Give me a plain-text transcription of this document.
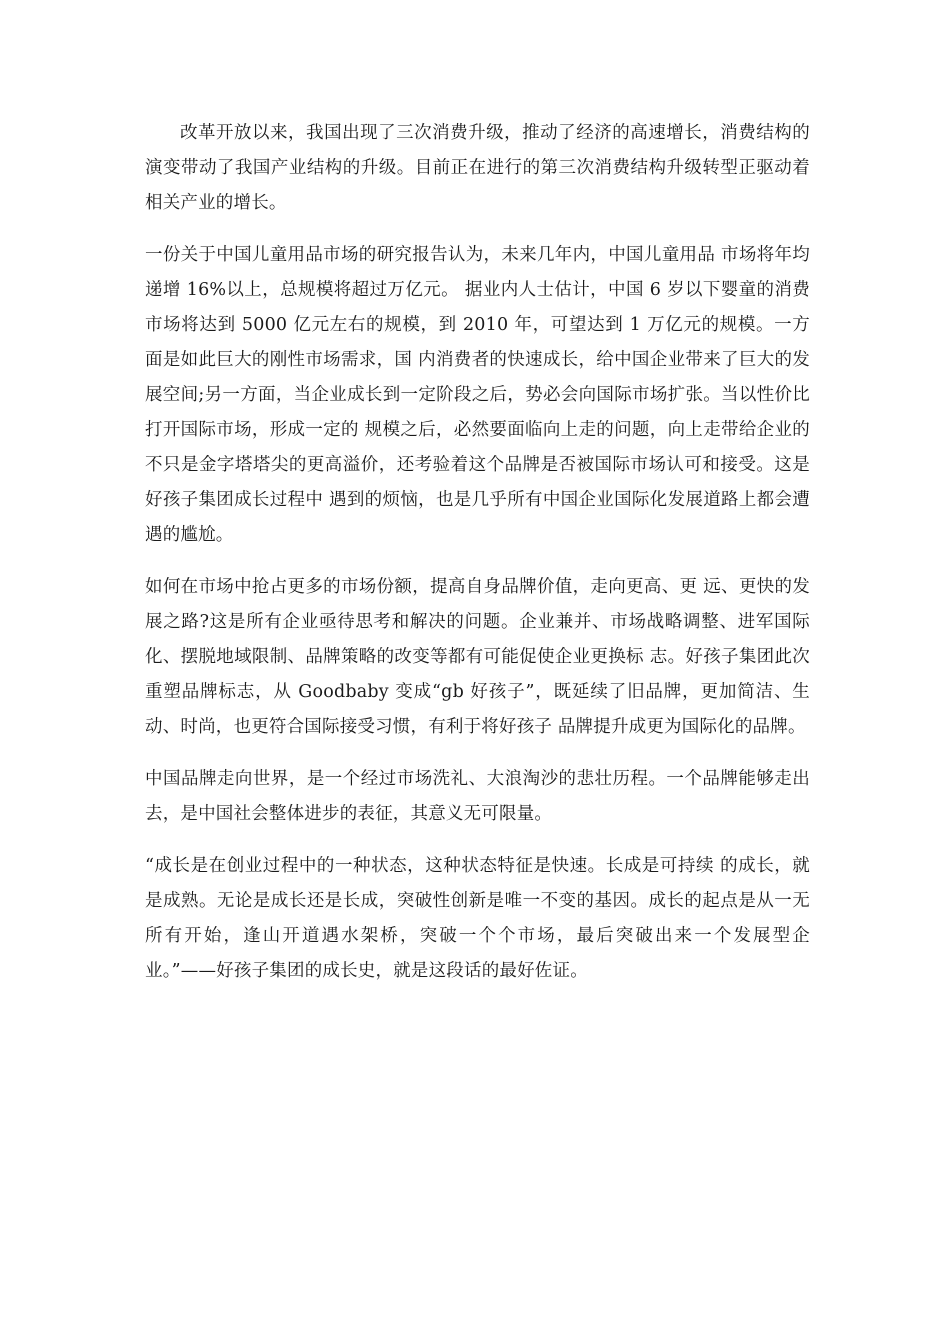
改革开放以来，我国出现了三次消费升级，推动了经济的高速增长，消费结构的演变带动了我国产业结构的升级。目前正在进行的第三次消费结构升级转型正驱动着相关产业的增长。

一份关于中国儿童用品市场的研究报告认为，未来几年内，中国儿童用品 市场将年均递增 16%以上，总规模将超过万亿元。 据业内人士估计，中国 6 岁以下婴童的消费市场将达到 5000 亿元左右的规模，到 2010 年，可望达到 1 万亿元的规模。一方面是如此巨大的刚性市场需求，国 内消费者的快速成长，给中国企业带来了巨大的发展空间;另一方面，当企业成长到一定阶段之后，势必会向国际市场扩张。当以性价比打开国际市场，形成一定的 规模之后，必然要面临向上走的问题，向上走带给企业的不只是金字塔塔尖的更高溢价，还考验着这个品牌是否被国际市场认可和接受。这是好孩子集团成长过程中 遇到的烦恼，也是几乎所有中国企业国际化发展道路上都会遭遇的尴尬。

如何在市场中抢占更多的市场份额，提高自身品牌价值，走向更高、更 远、更快的发展之路?这是所有企业亟待思考和解决的问题。企业兼并、市场战略调整、进军国际化、摆脱地域限制、品牌策略的改变等都有可能促使企业更换标 志。好孩子集团此次重塑品牌标志，从 Goodbaby 变成“gb 好孩子”，既延续了旧品牌，更加简洁、生动、时尚，也更符合国际接受习惯，有利于将好孩子 品牌提升成更为国际化的品牌。

中国品牌走向世界，是一个经过市场洗礼、大浪淘沙的悲壮历程。一个品牌能够走出去，是中国社会整体进步的表征，其意义无可限量。

“成长是在创业过程中的一种状态，这种状态特征是快速。长成是可持续 的成长，就是成熟。无论是成长还是长成，突破性创新是唯一不变的基因。成长的起点是从一无所有开始，逢山开道遇水架桥，突破一个个市场，最后突破出来一个发展型企业。”——好孩子集团的成长史，就是这段话的最好佐证。
